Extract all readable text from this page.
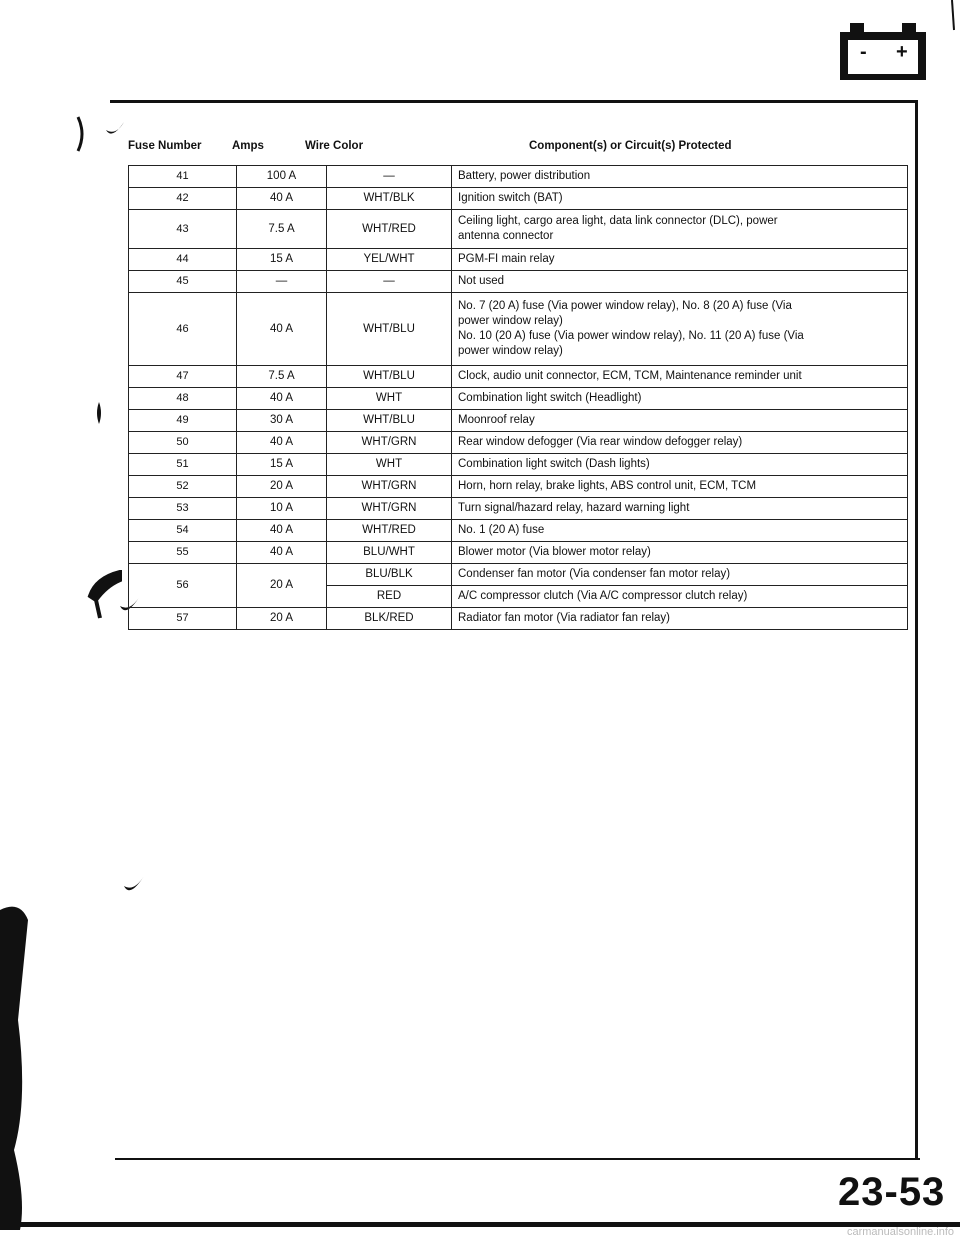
- +
Fuse Number	Amps	Wire Color	Component(s) or Circuit(s) Protected
41	100 A	—	Battery, power distribution

42	40 A	WHT/BLK	Ignition switch (BAT)

43	7.5 A	WHT/RED	Ceiling light, cargo area light, data link connector (DLC), power
antenna connector

44	15 A	YEL/WHT	PGM-FI main relay

45	—	—	Not used

46	40 A	WHT/BLU	No. 7 (20 A) fuse (Via power window relay), No. 8 (20 A) fuse (Via
power window relay)
No. 10 (20 A) fuse (Via power window relay), No. 11 (20 A) fuse (Via
power window relay)

47	7.5 A	WHT/BLU	Clock, audio unit connector, ECM, TCM, Maintenance reminder unit

48	40 A	WHT	Combination light switch (Headlight)

49	30 A	WHT/BLU	Moonroof relay

50	40 A	WHT/GRN	Rear window defogger (Via rear window defogger relay)

51	15 A	WHT	Combination light switch (Dash lights)

52	20 A	WHT/GRN	Horn, horn relay, brake lights, ABS control unit, ECM, TCM

53	10 A	WHT/GRN	Turn signal/hazard relay, hazard warning light

54	40 A	WHT/RED	No. 1 (20 A) fuse

55	40 A	BLU/WHT	Blower motor (Via blower motor relay)

56	20 A	BLU/BLK	Condenser fan motor (Via condenser fan motor relay)

		RED	A/C compressor clutch (Via A/C compressor clutch relay)

57	20 A	BLK/RED	Radiator fan motor (Via radiator fan relay)
23-53
carmanualsonline.info
